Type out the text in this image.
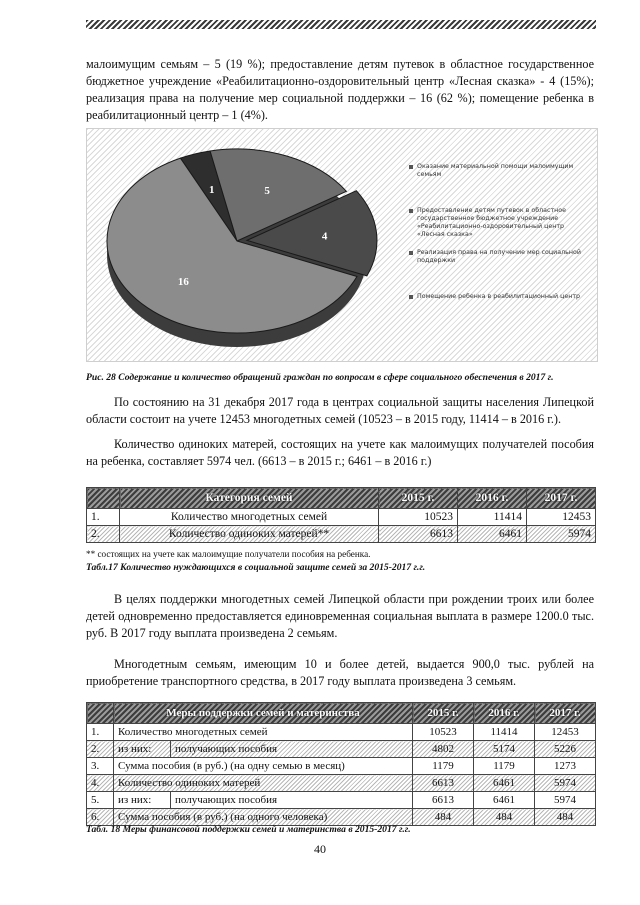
малоимущим семьям – 5 (19 %); предоставление детям путевок в областное государственное бюджетное учреждение «Реабилитационно-оздоровительный центр «Лесная сказка» - 4 (15%); реализация права на получение мер социальной поддержки – 16 (62 %); помещение ребенка в реабилитационный центр – 1 (4%).

1	5
4
16
Оказание материальной помощи малоимущим семьям
Предоставление детям путевок в областное государственное бюджетное учреждение «Реабилитационно-оздоровительный центр «Лесная сказка»
Реализация права на получение мер социальной поддержки
Помещение ребенка в реабилитационный центр
Рис. 28 Содержание и количество обращений граждан по вопросам в сфере социального обеспечения в 2017 г.

По состоянию на 31 декабря 2017 года в центрах социальной защиты населения Липецкой области состоит на учете 12453 многодетных семей (10523 – в 2015 году, 11414 – в 2016 г.).

Количество одиноких матерей, состоящих на учете как малоимущих получателей пособия на ребенка, составляет 5974 чел. (6613 – в 2015 г.; 6461 – в 2016 г.)

	Категория семей	2015 г.	2016 г.	2017 г.
1.	Количество многодетных семей	10523	11414	12453
2.	Количество одиноких матерей**	6613	6461	5974
** состоящих на учете как малоимущие получатели пособия на ребенка.
Табл.17 Количество нуждающихся в социальной защите семей за 2015-2017 г.г.

В целях поддержки многодетных семей Липецкой области при рождении троих или более детей одновременно предоставляется единовременная социальная выплата в размере 1200.0 тыс. руб. В 2017 году выплата произведена 2 семьям.

Многодетным семьям, имеющим 10 и более детей, выдается 900,0 тыс. рублей на приобретение транспортного средства, в 2017 году выплата произведена 3 семьям.

	Меры поддержки семей и материнства		2015 г.	2016 г.	2017 г.
1.	Количество многодетных семей		10523	11414	12453
2.	из них:	получающих пособия	4802	5174	5226
3.	Сумма пособия (в руб.) (на одну семью в месяц)		1179	1179	1273
4.	Количество одиноких матерей		6613	6461	5974
5.	из них:	получающих пособия	6613	6461	5974
6.	Сумма пособия (в руб.) (на одного человека)		484	484	484
Табл. 18 Меры финансовой поддержки семей и материнства в 2015-2017 г.г.
40
